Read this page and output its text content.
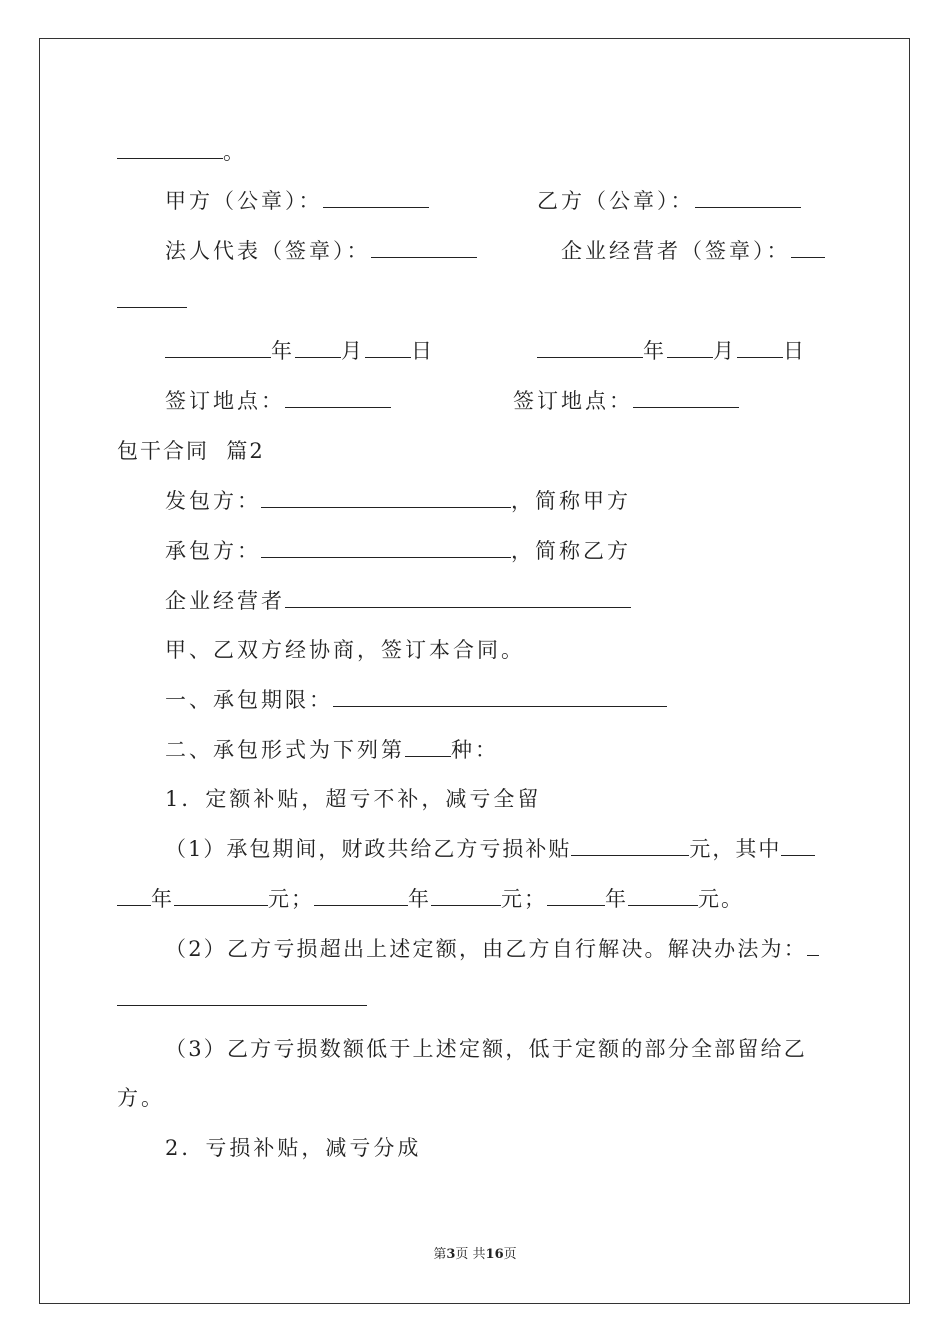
。
甲方（公章）：	乙方（公章）：
法人代表（签章）：	企业经营者（签章）：
年 月 日	年 月 日
签订地点：	签订地点：
包干合同  篇2
发包方：	，简称甲方
承包方：	，简称乙方
企业经营者
甲、乙双方经协商，签订本合同。
一、承包期限：
二、承包形式为下列第 种：
1．定额补贴，超亏不补，减亏全留
（1）承包期间，财政共给乙方亏损补贴	元，其中
年	元；	年	元；	年	元。
（2）乙方亏损超出上述定额，由乙方自行解决。解决办法为：
（3）乙方亏损数额低于上述定额，低于定额的部分全部留给乙
方。
2．亏损补贴，减亏分成
第3页 共16页
